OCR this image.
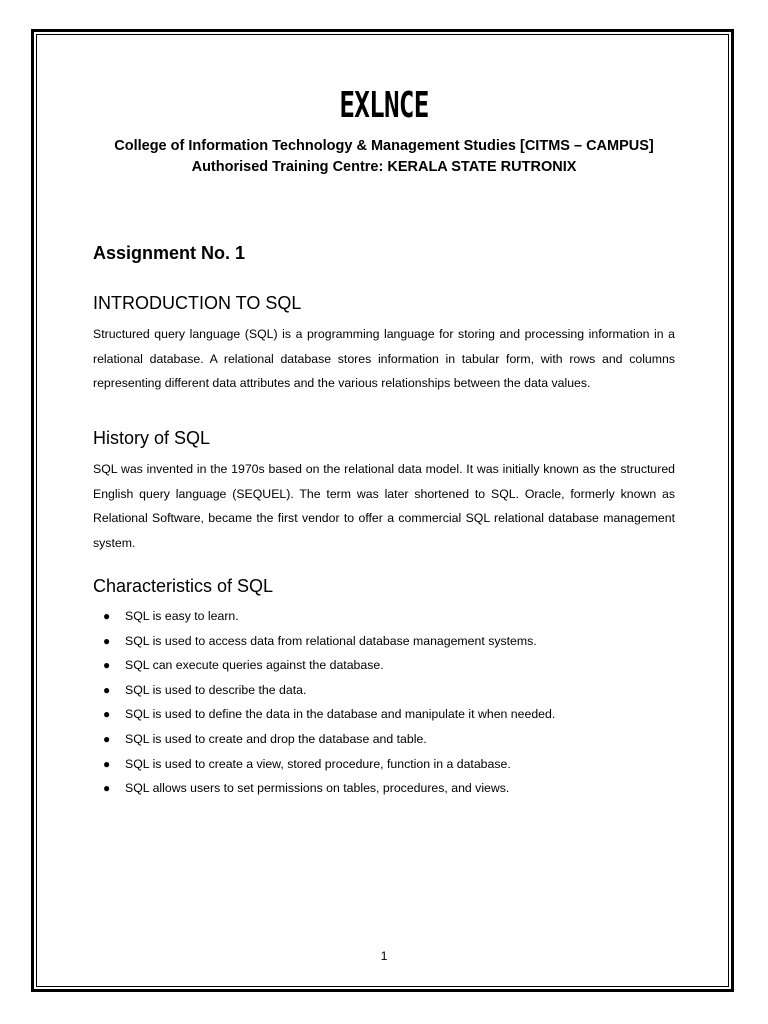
EXLNCE
College of Information Technology & Management Studies [CITMS – CAMPUS]
Authorised Training Centre: KERALA STATE RUTRONIX
Assignment No. 1
INTRODUCTION TO SQL
Structured query language (SQL) is a programming language for storing and processing information in a relational database. A relational database stores information in tabular form, with rows and columns representing different data attributes and the various relationships between the data values.
History of SQL
SQL was invented in the 1970s based on the relational data model. It was initially known as the structured English query language (SEQUEL). The term was later shortened to SQL. Oracle, formerly known as Relational Software, became the first vendor to offer a commercial SQL relational database management system.
Characteristics of SQL
● SQL is easy to learn.
● SQL is used to access data from relational database management systems.
● SQL can execute queries against the database.
● SQL is used to describe the data.
● SQL is used to define the data in the database and manipulate it when needed.
● SQL is used to create and drop the database and table.
● SQL is used to create a view, stored procedure, function in a database.
● SQL allows users to set permissions on tables, procedures, and views.
1
